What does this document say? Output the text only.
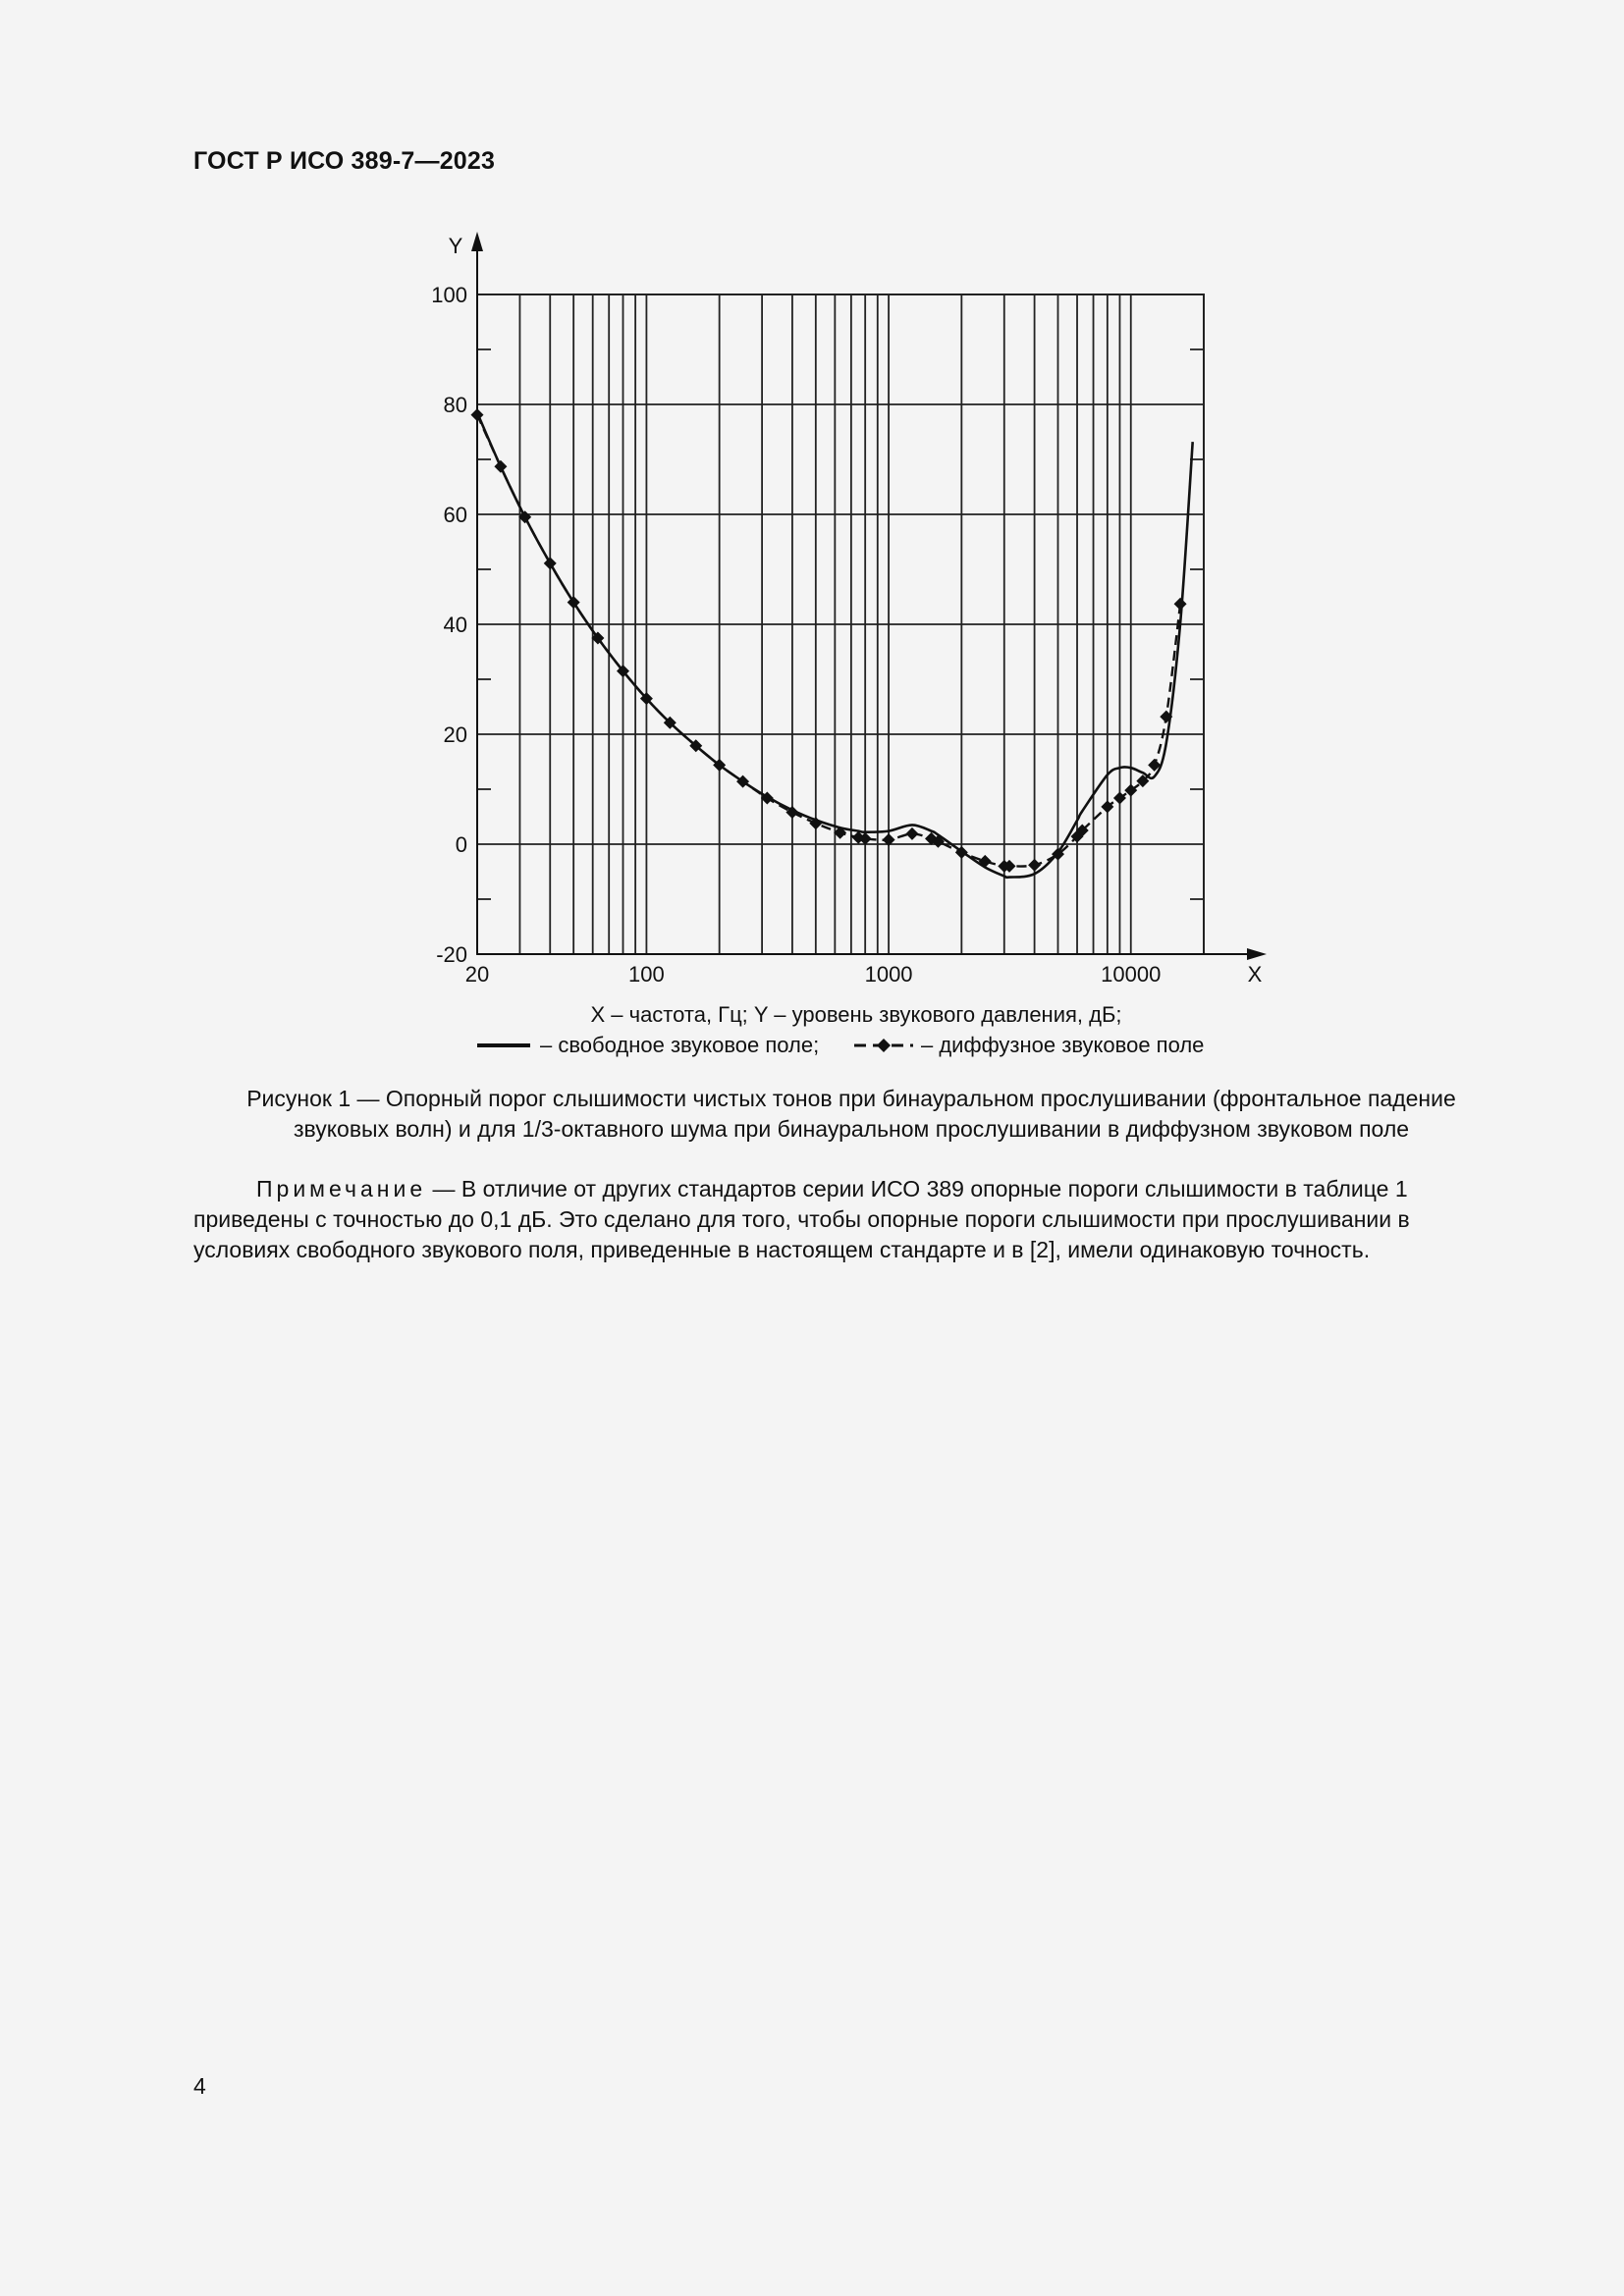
ГОСТ Р ИСО 389-7—2023
Y
X
-20
0
20
40
60
80
100
20	100	1000	10000
X – частота, Гц; Y – уровень звукового давления, дБ;
– свободное звуковое поле;	– диффузное звуковое поле
Рисунок 1 — Опорный порог слышимости чистых тонов при бинауральном прослушивании (фронтальное падение
звуковых волн) и для 1/3-октавного шума при бинауральном прослушивании в диффузном звуковом поле
Примечание — В отличие от других стандартов серии ИСО 389 опорные пороги слышимости в таблице 1 приведены с точностью до 0,1 дБ. Это сделано для того, чтобы опорные пороги слышимости при прослушивании в условиях свободного звукового поля, приведенные в настоящем стандарте и в [2], имели одинаковую точность.
4
